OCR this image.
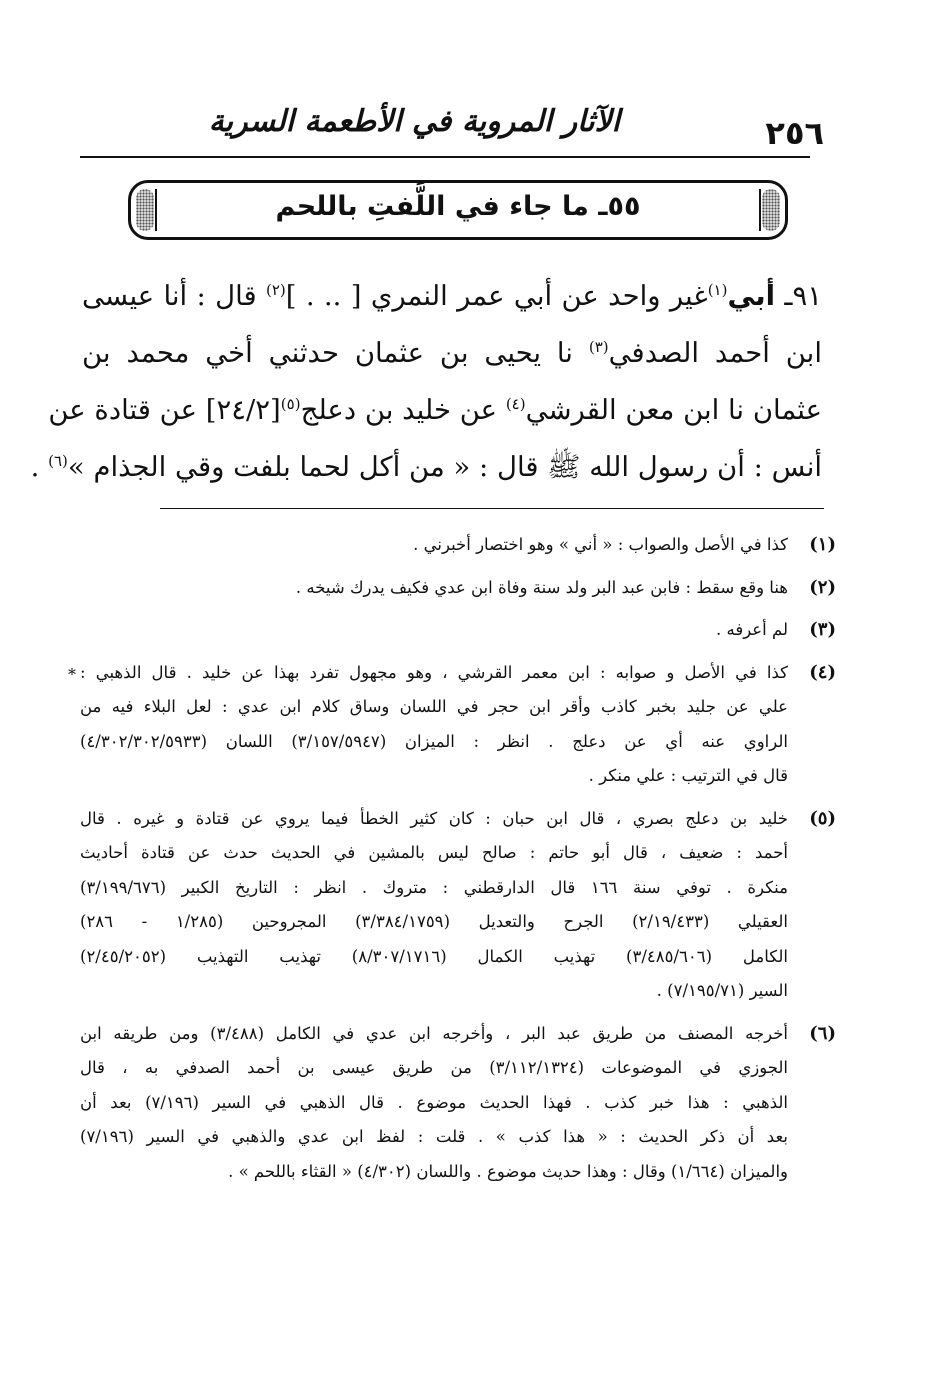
٢٥٦
الآثار المروية في الأطعمة السرية
٥٥ـ ما جاء في اللَّفتِ باللحم
٩١ـ أبي$^{(١)}$غير واحد عن أبي عمر النمري [ .. . ]$^{(٢)}$ قال : أنا عيسى
ابن أحمد الصدفي$^{(٣)}$ نا يحيى بن عثمان حدثني أخي محمد بن
عثمان نا ابن معن القرشي$^{(٤)}$ عن خليد بن دعلج$^{(٥)}$[٢٤/٢] عن قتادة عن
أنس : أن رسول الله ﷺ قال : « من أكل لحما بلفت وقي الجذام »$^{(٦)}$ .
(١)
كذا في الأصل والصواب : « أني » وهو اختصار أخبرني .
(٢)
هنا وقع سقط : فابن عبد البر ولد سنة وفاة ابن عدي فكيف يدرك شيخه .
(٣)
لم أعرفه .
(٤)
كذا في الأصل و صوابه : ابن معمر القرشي ، وهو مجهول تفرد بهذا عن خليد . قال الذهبي :
علي عن جليد بخبر كاذب وأقر ابن حجر في اللسان وساق كلام ابن عدي : لعل البلاء فيه من
الراوي عنه أي عن دعلج . انظر : الميزان (٣/١٥٧/٥٩٤٧) اللسان (٤/٣٠٢/٣٠٢/٥٩٣٣)
قال في الترتيب : علي منكر .
*
(٥)
خليد بن دعلج بصري ، قال ابن حبان : كان كثير الخطأ فيما يروي عن قتادة و غيره . قال
أحمد : ضعيف ، قال أبو حاتم : صالح ليس بالمشين في الحديث حدث عن قتادة أحاديث
منكرة . توفي سنة ١٦٦ قال الدارقطني : متروك . انظر : التاريخ الكبير (٣/١٩٩/٦٧٦)
العقيلي (٢/١٩/٤٣٣) الجرح والتعديل (٣/٣٨٤/١٧٥٩) المجروحين (١/٢٨٥ - ٢٨٦)
الكامل (٣/٤٨٥/٦٠٦) تهذيب الكمال (٨/٣٠٧/١٧١٦) تهذيب التهذيب (٢/٤٥/٢٠٥٢)
السير (٧/١٩٥/٧١) .
(٦)
أخرجه المصنف من طريق عبد البر ، وأخرجه ابن عدي في الكامل (٣/٤٨٨) ومن طريقه ابن
الجوزي في الموضوعات (٣/١١٢/١٣٢٤) من طريق عيسى بن أحمد الصدفي به ، قال
الذهبي : هذا خبر كذب . فهذا الحديث موضوع . قال الذهبي في السير (٧/١٩٦) بعد أن
بعد أن ذكر الحديث : « هذا كذب » . قلت : لفظ ابن عدي والذهبي في السير (٧/١٩٦)
والميزان (١/٦٦٤) وقال : وهذا حديث موضوع . واللسان (٤/٣٠٢) « القثاء باللحم » .
